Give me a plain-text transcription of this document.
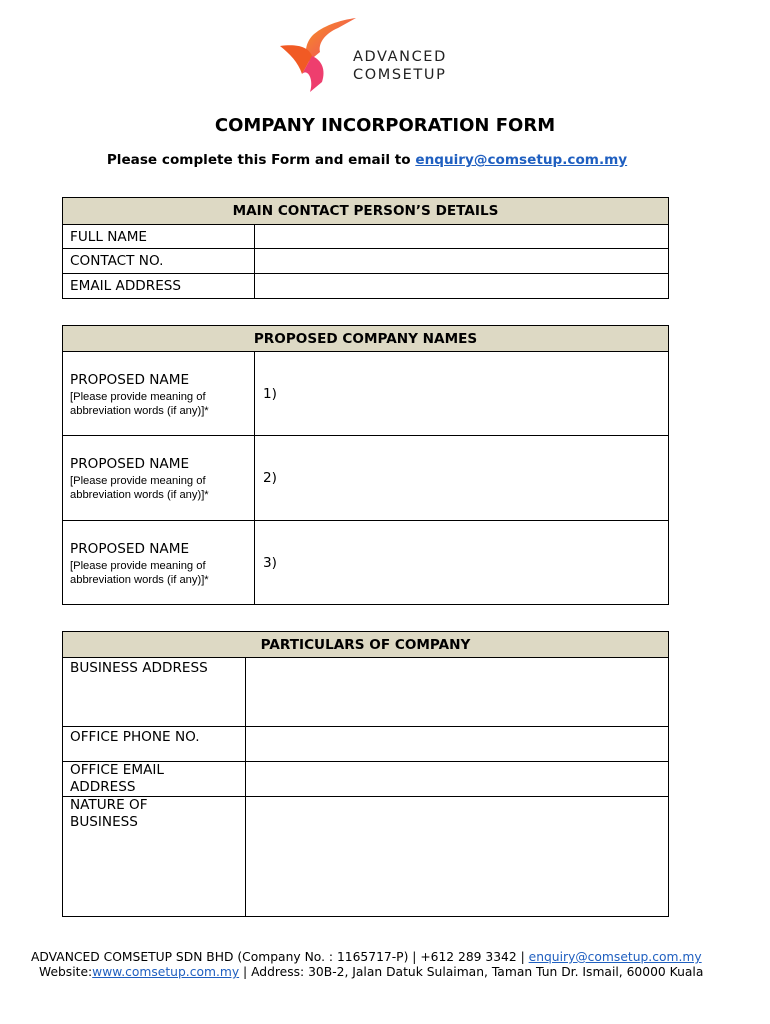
ADVANCED
COMSETUP
COMPANY INCORPORATION FORM
Please complete this Form and email to enquiry@comsetup.com.my
MAIN CONTACT PERSON’S DETAILS	
FULL NAME	
CONTACT NO.	
EMAIL ADDRESS	
PROPOSED COMPANY NAMES	

PROPOSED NAME
[Please provide meaning of
abbreviation words (if any)]*	1)

PROPOSED NAME
[Please provide meaning of
abbreviation words (if any)]*	2)

PROPOSED NAME
[Please provide meaning of
abbreviation words (if any)]*	3)
PARTICULARS OF COMPANY	
BUSINESS ADDRESS	
OFFICE PHONE NO.	

OFFICE EMAIL
ADDRESS	

NATURE OF
BUSINESS	

ADVANCED COMSETUP SDN BHD (Company No. : 1165717-P) | +612 289 3342 | enquiry@comsetup.com.my
Website:www.comsetup.com.my | Address: 30B-2, Jalan Datuk Sulaiman, Taman Tun Dr. Ismail, 60000 Kuala
